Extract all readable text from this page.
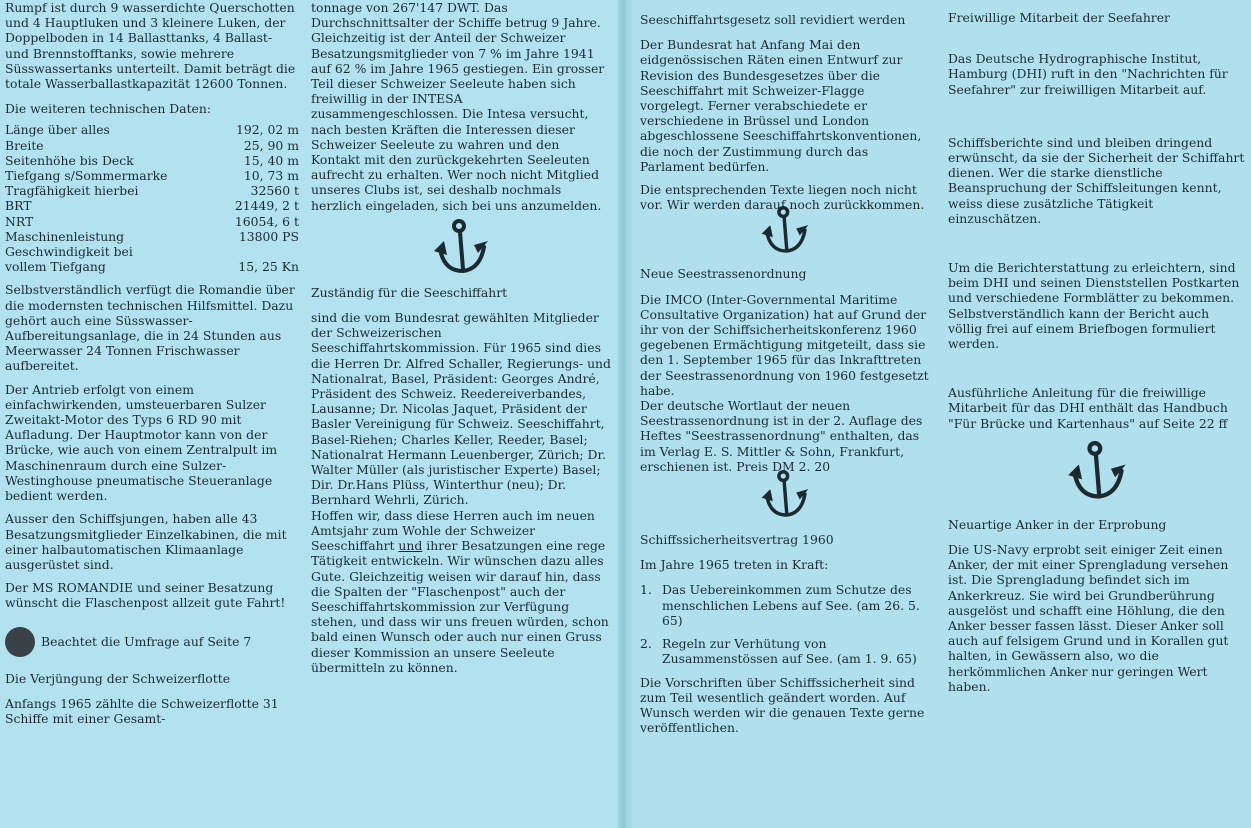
Rumpf ist durch 9 wasserdichte Querschotten und 4 Hauptluken und 3 kleinere Luken, der Doppelboden in 14 Ballasttanks, 4 Ballast- und Brennstofftanks, sowie mehrere Süsswassertanks unterteilt. Damit beträgt die totale Wasserballastkapazität 12600 Tonnen.

Die weiteren technischen Daten:

Länge über alles	192, 02 m
Breite	25, 90 m
Seitenhöhe bis Deck	15, 40 m
Tiefgang s/Sommermarke	10, 73 m
Tragfähigkeit hierbei	32560 t
BRT	21449, 2 t
NRT	16054, 6 t
Maschinenleistung	13800 PS
Geschwindigkeit bei
vollem Tiefgang	15, 25 Kn

Selbstverständlich verfügt die Romandie über die modernsten technischen Hilfsmittel. Dazu gehört auch eine Süsswasser-Aufbereitungsanlage, die in 24 Stunden aus Meerwasser 24 Tonnen Frischwasser aufbereitet.

Der Antrieb erfolgt von einem einfachwirkenden, umsteuerbaren Sulzer Zweitakt-Motor des Typs 6 RD 90 mit Aufladung. Der Hauptmotor kann von der Brücke, wie auch von einem Zentralpult im Maschinenraum durch eine Sulzer-Westinghouse pneumatische Steueranlage bedient werden.

Ausser den Schiffsjungen, haben alle 43 Besatzungsmitglieder Einzelkabinen, die mit einer halbautomatischen Klimaanlage ausgerüstet sind.

Der MS ROMANDIE und seiner Besatzung wünscht die Flaschenpost allzeit gute Fahrt!

Beachtet die Umfrage auf Seite 7

Die Verjüngung der Schweizerflotte

Anfangs 1965 zählte die Schweizerflotte 31 Schiffe mit einer Gesamt-

tonnage von 267'147 DWT. Das Durchschnittsalter der Schiffe betrug 9 Jahre. Gleichzeitig ist der Anteil der Schweizer Besatzungsmitglieder von 7 % im Jahre 1941 auf 62 % im Jahre 1965 gestiegen. Ein grosser Teil dieser Schweizer Seeleute haben sich freiwillig in der INTESA zusammengeschlossen. Die Intesa versucht, nach besten Kräften die Interessen dieser Schweizer Seeleute zu wahren und den Kontakt mit den zurückgekehrten Seeleuten aufrecht zu erhalten. Wer noch nicht Mitglied unseres Clubs ist, sei deshalb nochmals herzlich eingeladen, sich bei uns anzumelden.

Zuständig für die Seeschiffahrt

sind die vom Bundesrat gewählten Mitglieder der Schweizerischen Seeschiffahrtskommission. Für 1965 sind dies die Herren Dr. Alfred Schaller, Regierungs- und Nationalrat, Basel, Präsident: Georges André, Präsident des Schweiz. Reedereiverbandes, Lausanne; Dr. Nicolas Jaquet, Präsident der Basler Vereinigung für Schweiz. Seeschiffahrt, Basel-Riehen; Charles Keller, Reeder, Basel; Nationalrat Hermann Leuenberger, Zürich; Dr. Walter Müller (als juristischer Experte) Basel; Dir. Dr.Hans Plüss, Winterthur (neu); Dr. Bernhard Wehrli, Zürich.

Hoffen wir, dass diese Herren auch im neuen Amtsjahr zum Wohle der Schweizer Seeschiffahrt und ihrer Besatzungen eine rege Tätigkeit entwickeln. Wir wünschen dazu alles Gute. Gleichzeitig weisen wir darauf hin, dass die Spalten der "Flaschenpost" auch der Seeschiffahrtskommission zur Verfügung stehen, und dass wir uns freuen würden, schon bald einen Wunsch oder auch nur einen Gruss dieser Kommission an unsere Seeleute übermitteln zu können.

Seeschiffahrtsgesetz soll revidiert werden

Der Bundesrat hat Anfang Mai den eidgenössischen Räten einen Entwurf zur Revision des Bundesgesetzes über die Seeschiffahrt mit Schweizer-Flagge vorgelegt. Ferner verabschiedete er verschiedene in Brüssel und London abgeschlossene Seeschiffahrtskonventionen, die noch der Zustimmung durch das Parlament bedürfen.

Die entsprechenden Texte liegen noch nicht vor. Wir werden darauf noch zurückkommen.

Neue Seestrassenordnung

Die IMCO (Inter-Governmental Maritime Consultative Organization) hat auf Grund der ihr von der Schiffsicherheitskonferenz 1960 gegebenen Ermächtigung mitgeteilt, dass sie den 1. September 1965 für das Inkrafttreten der Seestrassenordnung von 1960 festgesetzt habe.

Der deutsche Wortlaut der neuen Seestrassenordnung ist in der 2. Auflage des Heftes "Seestrassenordnung" enthalten, das im Verlag E. S. Mittler & Sohn, Frankfurt, erschienen ist. Preis DM 2. 20

Schiffssicherheitsvertrag 1960

Im Jahre 1965 treten in Kraft:

1. Das Uebereinkommen zum Schutze des menschlichen Lebens auf See. (am 26. 5. 65)
2. Regeln zur Verhütung von Zusammenstössen auf See. (am 1. 9. 65)

Die Vorschriften über Schiffssicherheit sind zum Teil wesentlich geändert worden. Auf Wunsch werden wir die genauen Texte gerne veröffentlichen.

Freiwillige Mitarbeit der Seefahrer

Das Deutsche Hydrographische Institut, Hamburg (DHI) ruft in den "Nachrichten für Seefahrer" zur freiwilligen Mitarbeit auf.

Schiffsberichte sind und bleiben dringend erwünscht, da sie der Sicherheit der Schiffahrt dienen. Wer die starke dienstliche Beanspruchung der Schiffsleitungen kennt, weiss diese zusätzliche Tätigkeit einzuschätzen.

Um die Berichterstattung zu erleichtern, sind beim DHI und seinen Dienststellen Postkarten und verschiedene Formblätter zu bekommen. Selbstverständlich kann der Bericht auch völlig frei auf einem Briefbogen formuliert werden.

Ausführliche Anleitung für die freiwillige Mitarbeit für das DHI enthält das Handbuch "Für Brücke und Kartenhaus" auf Seite 22 ff

Neuartige Anker in der Erprobung

Die US-Navy erprobt seit einiger Zeit einen Anker, der mit einer Sprengladung versehen ist. Die Sprengladung befindet sich im Ankerkreuz. Sie wird bei Grundberührung ausgelöst und schafft eine Höhlung, die den Anker besser fassen lässt. Dieser Anker soll auch auf felsigem Grund und in Korallen gut halten, in Gewässern also, wo die herkömmlichen Anker nur geringen Wert haben.
